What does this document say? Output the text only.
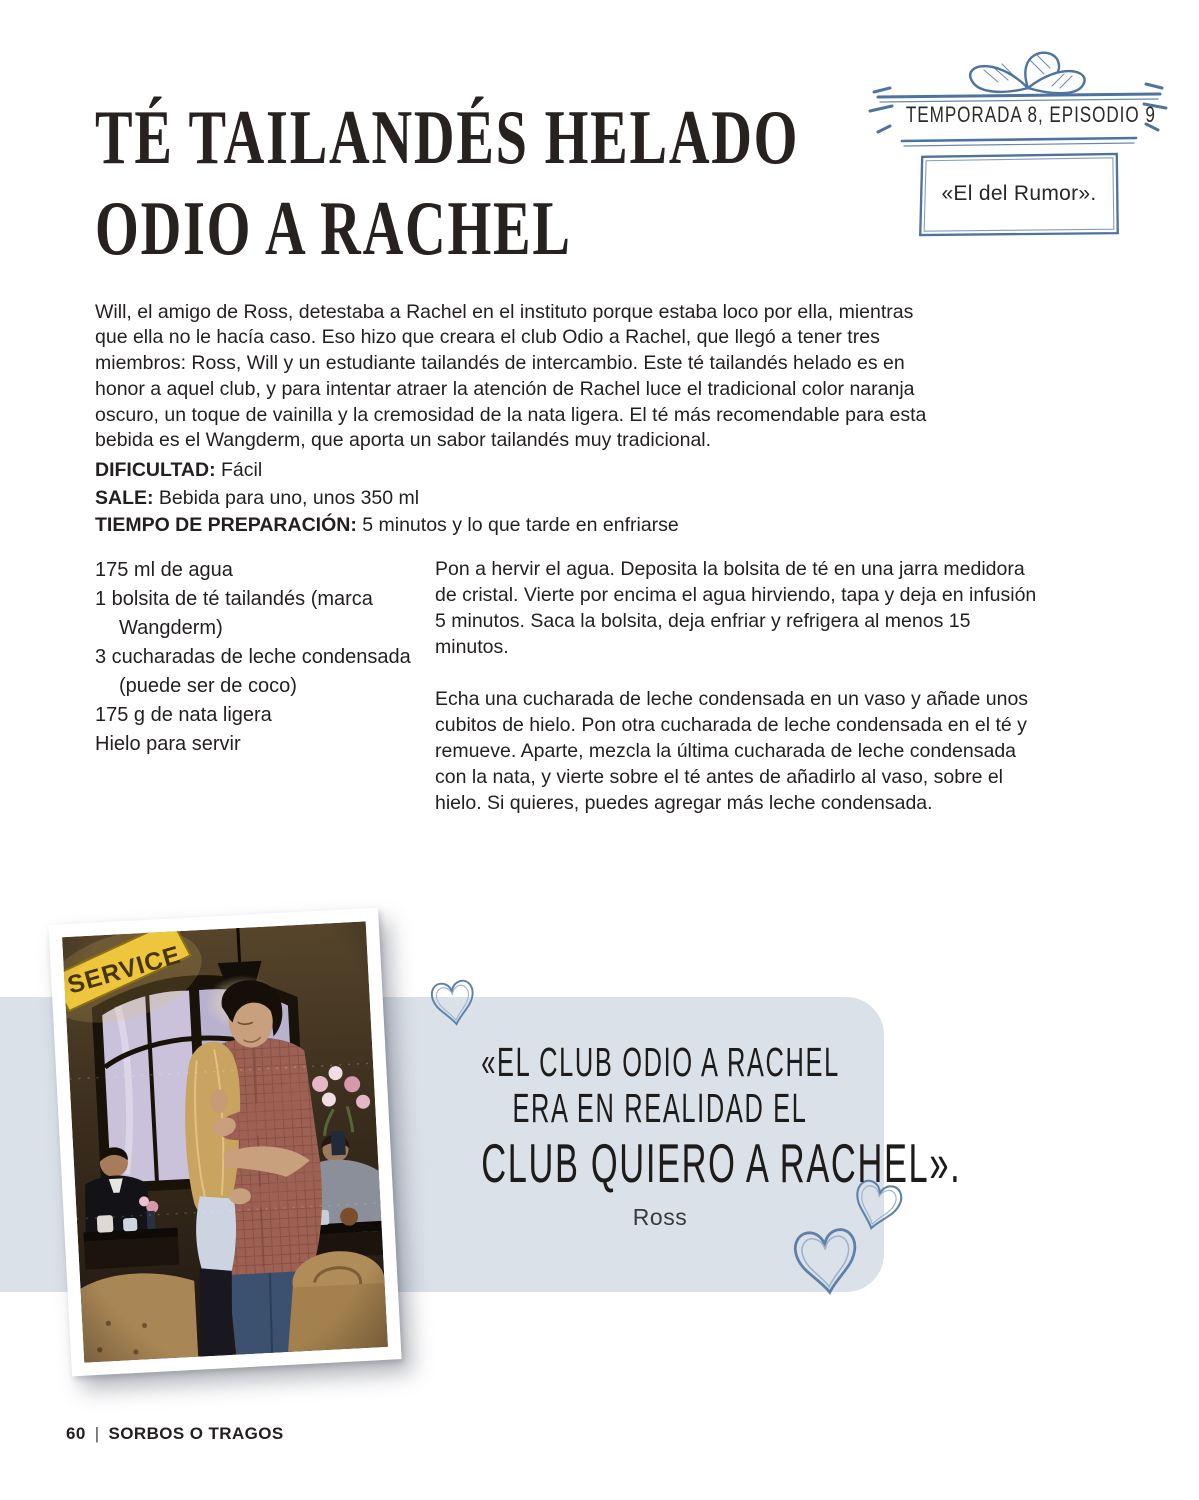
TÉ TAILANDÉS HELADO
ODIO A RACHEL
TEMPORADA 8, EPISODIO 9
«El del Rumor».

Will, el amigo de Ross, detestaba a Rachel en el instituto porque estaba loco por ella, mientras que ella no le hacía caso. Eso hizo que creara el club Odio a Rachel, que llegó a tener tres miembros: Ross, Will y un estudiante tailandés de intercambio. Este té tailandés helado es en honor a aquel club, y para intentar atraer la atención de Rachel luce el tradicional color naranja oscuro, un toque de vainilla y la cremosidad de la nata ligera. El té más recomendable para esta bebida es el Wangderm, que aporta un sabor tailandés muy tradicional.

DIFICULTAD: Fácil
SALE: Bebida para uno, unos 350 ml
TIEMPO DE PREPARACIÓN: 5 minutos y lo que tarde en enfriarse
175 ml de agua
1 bolsita de té tailandés (marca Wangderm)
3 cucharadas de leche condensada (puede ser de coco)
175 g de nata ligera
Hielo para servir

Pon a hervir el agua. Deposita la bolsita de té en una jarra medidora de cristal. Vierte por encima el agua hirviendo, tapa y deja en infusión 5 minutos. Saca la bolsita, deja enfriar y refrigera al menos 15 minutos.

Echa una cucharada de leche condensada en un vaso y añade unos cubitos de hielo. Pon otra cucharada de leche condensada en el té y remueve. Aparte, mezcla la última cucharada de leche condensada con la nata, y vierte sobre el té antes de añadirlo al vaso, sobre el hielo. Si quieres, puedes agregar más leche condensada.

«EL CLUB ODIO A RACHEL
ERA EN REALIDAD EL
CLUB QUIERO A RACHEL».
Ross
60 | SORBOS O TRAGOS
